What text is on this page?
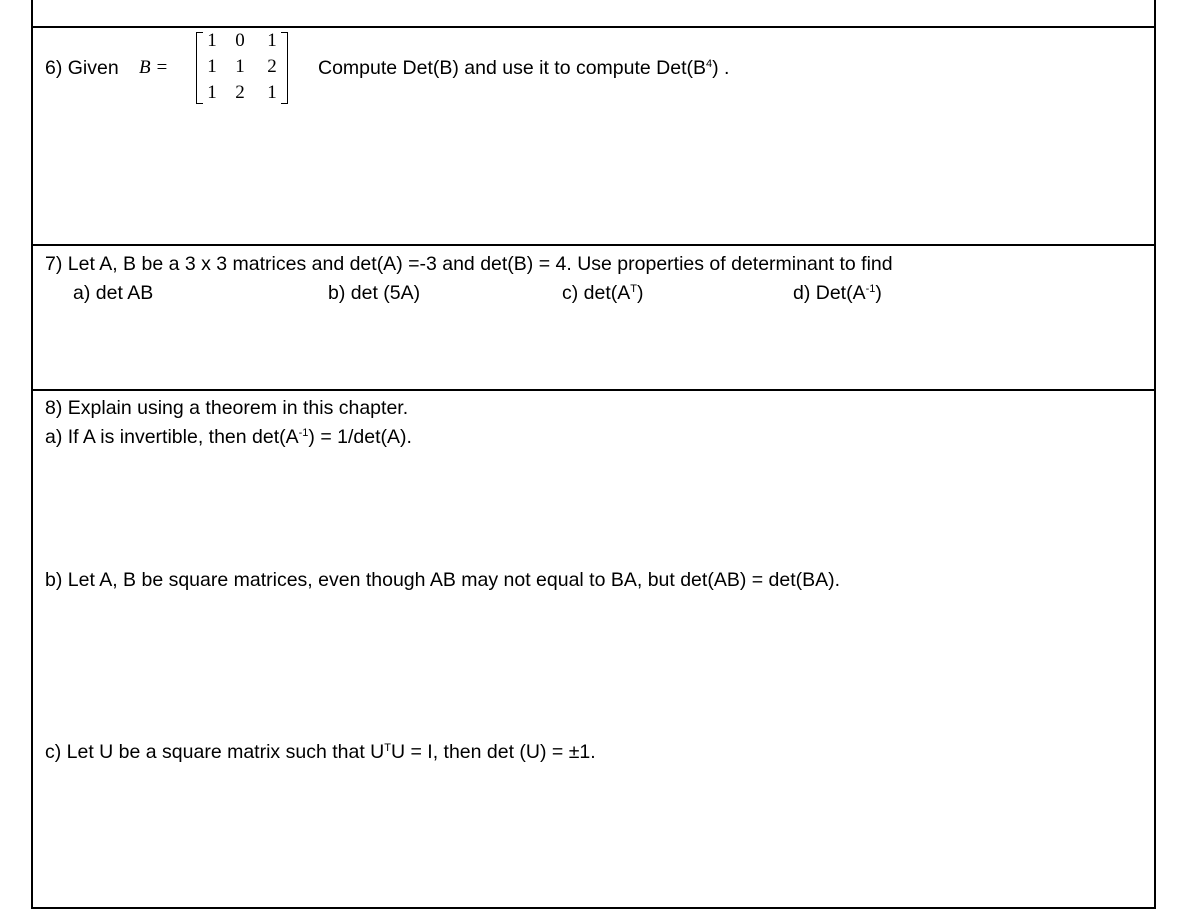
6) Given B =
1 0 1
1 1 2
1 2 1
Compute Det(B) and use it to compute $Det(B^4)$ .
7) Let A, B be a 3 x 3 matrices and det(A) =-3 and det(B) = 4. Use properties of determinant to find
a) det AB	b) det (5A)	c) $\det(A^T)$	d) $Det(A^{-1})$
8) Explain using a theorem in this chapter.
a) If A is invertible, then $\det(A^{-1}) = 1/\det(A)$.
b) Let A, B be square matrices, even though AB may not equal to BA, but det(AB) = det(BA).
c) Let U be a square matrix such that $U^TU = I$, then det (U) = ±1.
